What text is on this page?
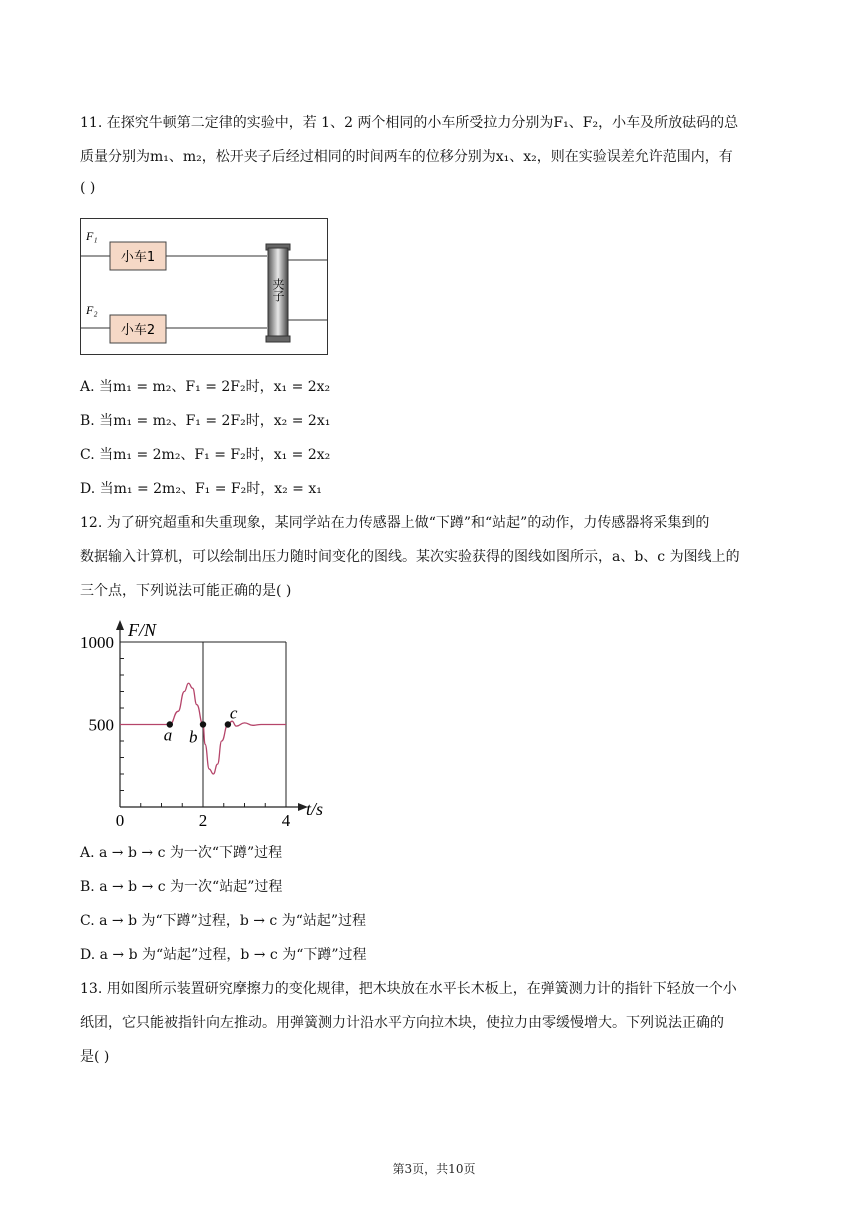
11. 在探究牛顿第二定律的实验中，若 1、2 两个相同的小车所受拉力分别为F₁、F₂，小车及所放砝码的总
质量分别为m₁、m₂，松开夹子后经过相同的时间两车的位移分别为x₁、x₂，则在实验误差允许范围内，有
( )
F₁
F₂
小车1
小车2
夹子
A. 当m₁ = m₂、F₁ = 2F₂时，x₁ = 2x₂
B. 当m₁ = m₂、F₁ = 2F₂时，x₂ = 2x₁
C. 当m₁ = 2m₂、F₁ = F₂时，x₁ = 2x₂
D. 当m₁ = 2m₂、F₁ = F₂时，x₂ = x₁
12. 为了研究超重和失重现象，某同学站在力传感器上做“下蹲”和“站起”的动作，力传感器将采集到的
数据输入计算机，可以绘制出压力随时间变化的图线。某次实验获得的图线如图所示，a、b、c 为图线上的
三个点，下列说法可能正确的是( )
500
1000
0	2	4
F/N
t/s
a b
c
A. a → b → c 为一次“下蹲”过程
B. a → b → c 为一次“站起”过程
C. a → b 为“下蹲”过程，b → c 为“站起”过程
D. a → b 为“站起”过程，b → c 为“下蹲”过程
13. 用如图所示装置研究摩擦力的变化规律，把木块放在水平长木板上，在弹簧测力计的指针下轻放一个小
纸团，它只能被指针向左推动。用弹簧测力计沿水平方向拉木块，使拉力由零缓慢增大。下列说法正确的
是( )
第3页，共10页
